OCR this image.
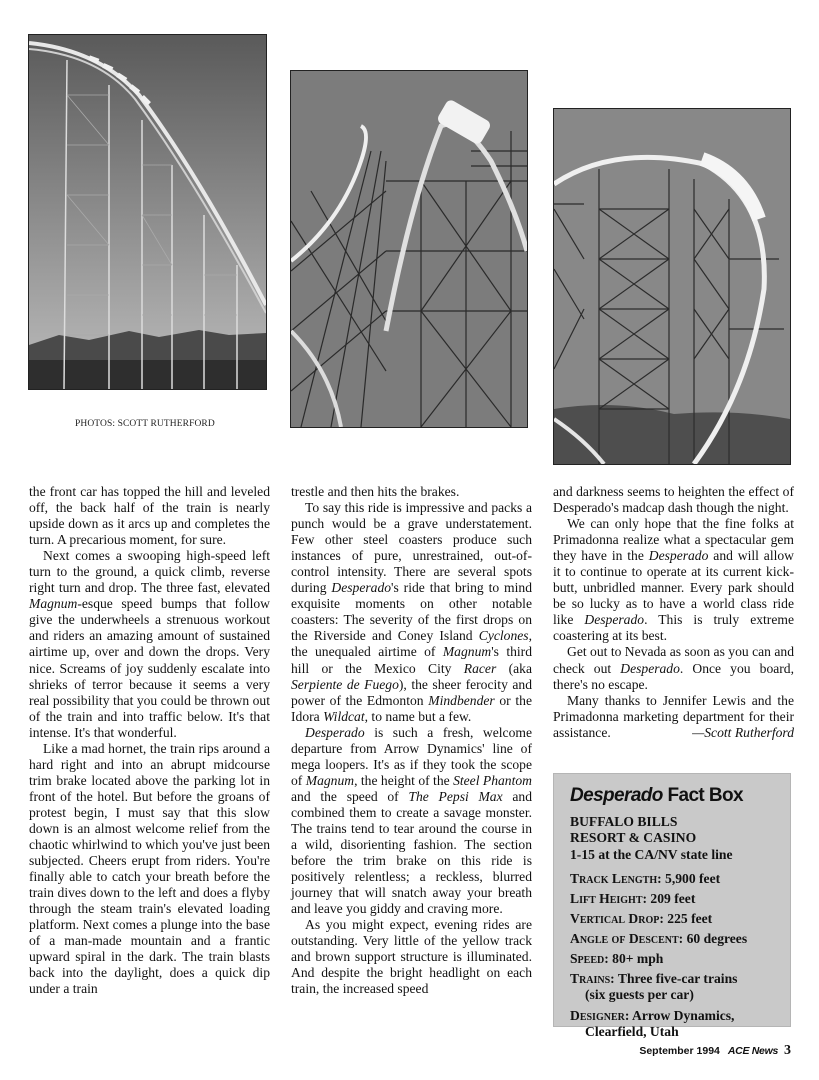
PHOTOS: SCOTT RUTHERFORD

the front car has topped the hill and leveled off, the back half of the train is nearly upside down as it arcs up and completes the turn. A precarious moment, for sure.

Next comes a swooping high-speed left turn to the ground, a quick climb, reverse right turn and drop. The three fast, elevated Magnum-esque speed bumps that follow give the underwheels a strenuous workout and riders an amazing amount of sustained airtime up, over and down the drops. Very nice. Screams of joy suddenly escalate into shrieks of terror because it seems a very real possibility that you could be thrown out of the train and into traffic below. It's that intense. It's that wonderful.

Like a mad hornet, the train rips around a hard right and into an abrupt midcourse trim brake located above the parking lot in front of the hotel. But before the groans of protest begin, I must say that this slow down is an almost welcome relief from the chaotic whirlwind to which you've just been subjected. Cheers erupt from riders. You're finally able to catch your breath before the train dives down to the left and does a flyby through the steam train's elevated loading platform. Next comes a plunge into the base of a man-made mountain and a frantic upward spiral in the dark. The train blasts back into the daylight, does a quick dip under a train

trestle and then hits the brakes.

To say this ride is impressive and packs a punch would be a grave understatement. Few other steel coasters produce such instances of pure, unrestrained, out-of-control intensity. There are several spots during Desperado's ride that bring to mind exquisite moments on other notable coasters: The severity of the first drops on the Riverside and Coney Island Cyclones, the unequaled airtime of Magnum's third hill or the Mexico City Racer (aka Serpiente de Fuego), the sheer ferocity and power of the Edmonton Mindbender or the Idora Wildcat, to name but a few.

Desperado is such a fresh, welcome departure from Arrow Dynamics' line of mega loopers. It's as if they took the scope of Magnum, the height of the Steel Phantom and the speed of The Pepsi Max and combined them to create a savage monster. The trains tend to tear around the course in a wild, disorienting fashion. The section before the trim brake on this ride is positively relentless; a reckless, blurred journey that will snatch away your breath and leave you giddy and craving more.

As you might expect, evening rides are outstanding. Very little of the yellow track and brown support structure is illuminated. And despite the bright headlight on each train, the increased speed

and darkness seems to heighten the effect of Desperado's madcap dash though the night.

We can only hope that the fine folks at Primadonna realize what a spectacular gem they have in the Desperado and will allow it to continue to operate at its current kick-butt, unbridled manner. Every park should be so lucky as to have a world class ride like Desperado. This is truly extreme coastering at its best.

Get out to Nevada as soon as you can and check out Desperado. Once you board, there's no escape.

Many thanks to Jennifer Lewis and the Primadonna marketing department for their assistance.	—Scott Rutherford

Desperado Fact Box
BUFFALO BILLS
RESORT & CASINO
1-15 at the CA/NV state line
Track Length: 5,900 feet
Lift Height: 209 feet
Vertical Drop: 225 feet
Angle of Descent: 60 degrees
Speed: 80+ mph
Trains: Three five-car trains
(six guests per car)
Designer: Arrow Dynamics,
Clearfield, Utah
September 1994 ACE News 3
